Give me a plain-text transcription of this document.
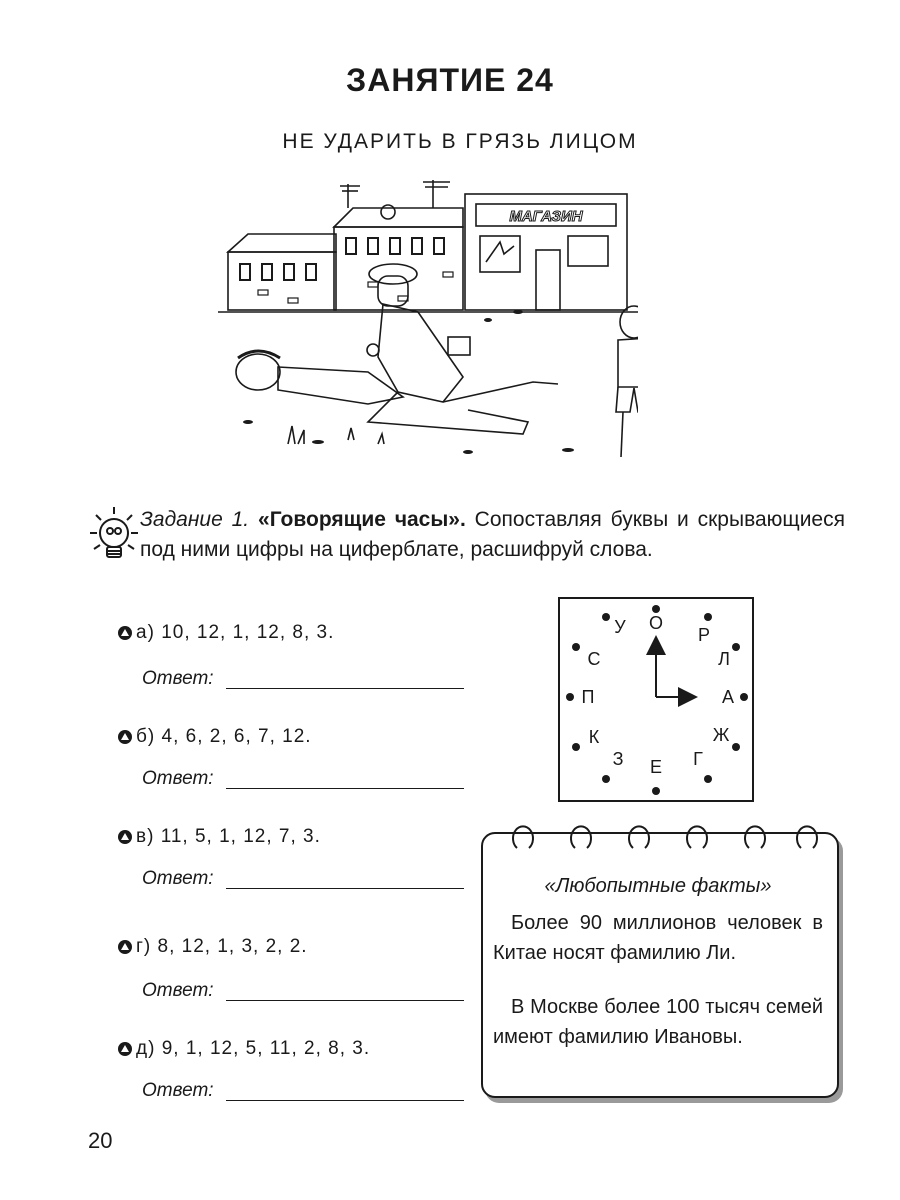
ЗАНЯТИЕ 24
НЕ УДАРИТЬ В ГРЯЗЬ ЛИЦОМ
МАГАЗИН
Задание 1. «Говорящие часы». Сопоставляя буквы и скрывающиеся под ними цифры на циферблате, расшифруй слова.
а) 10, 12, 1, 12, 8, 3.
Ответ:
б) 4, 6, 2, 6, 7, 12.
Ответ:
в) 11, 5, 1, 12, 7, 3.
Ответ:
г) 8, 12, 1, 3, 2, 2.
Ответ:
д) 9, 1, 12, 5, 11, 2, 8, 3.
Ответ:
О
Р
Л
А
Ж
Г
Е
З
К
П
С
У
«Любопытные факты»
Более 90 миллионов человек в Китае носят фамилию Ли.
В Москве более 100 тысяч семей имеют фамилию Ивановы.
20
